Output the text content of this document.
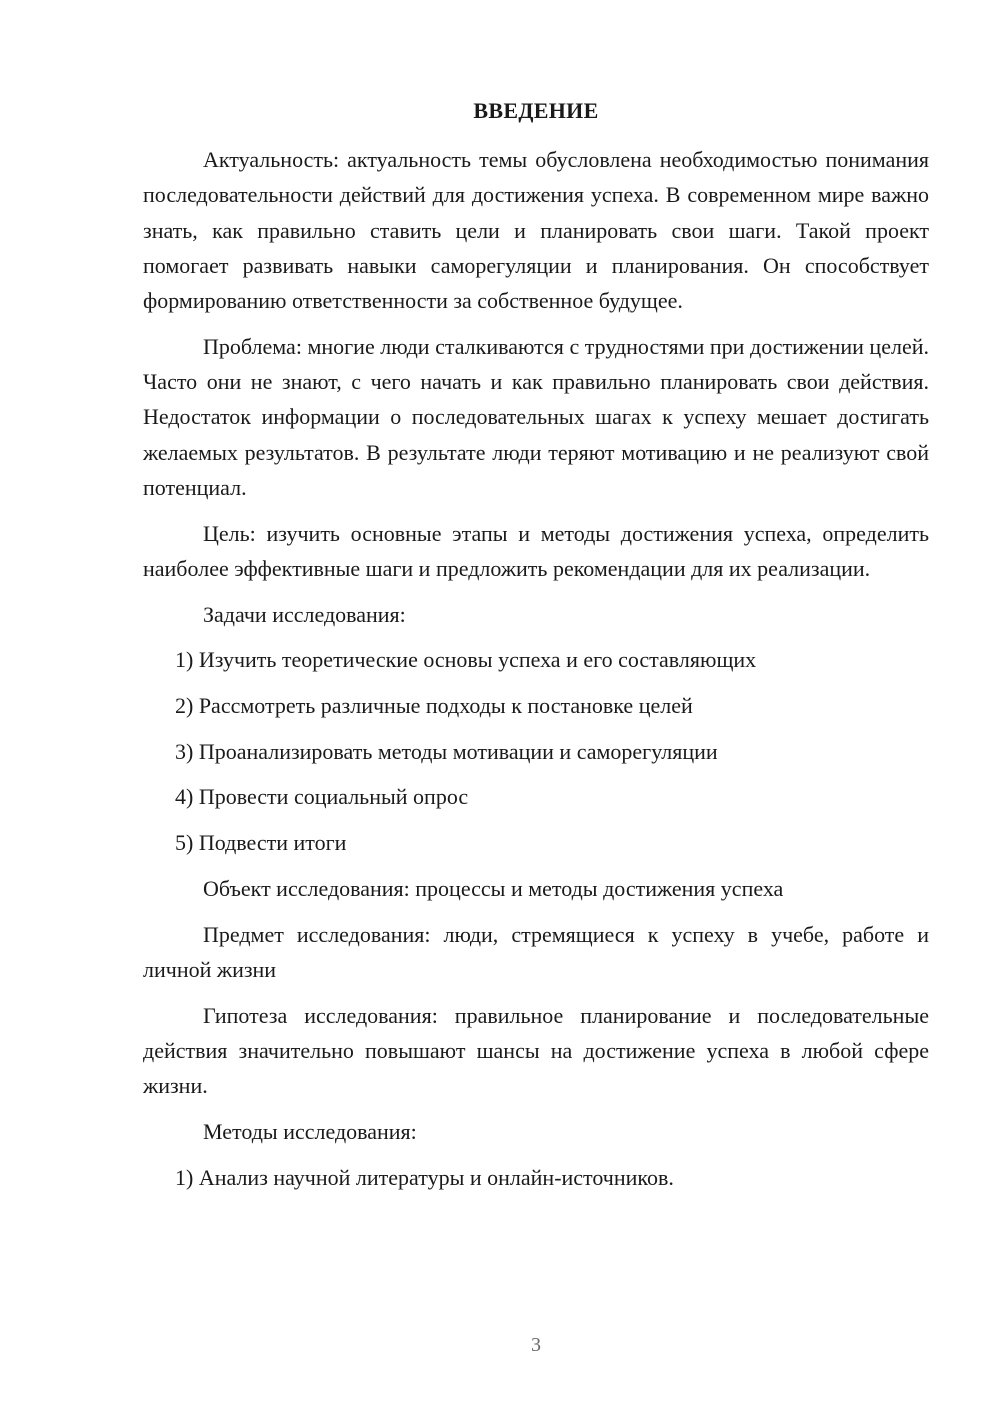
ВВЕДЕНИЕ

Актуальность: актуальность темы обусловлена необходимостью понимания последовательности действий для достижения успеха. В современном мире важно знать, как правильно ставить цели и планировать свои шаги. Такой проект помогает развивать навыки саморегуляции и планирования. Он способствует формированию ответственности за собственное будущее.

Проблема: многие люди сталкиваются с трудностями при достижении целей. Часто они не знают, с чего начать и как правильно планировать свои действия. Недостаток информации о последовательных шагах к успеху мешает достигать желаемых результатов. В результате люди теряют мотивацию и не реализуют свой потенциал.

Цель: изучить основные этапы и методы достижения успеха, определить наиболее эффективные шаги и предложить рекомендации для их реализации.

Задачи исследования:

1) Изучить теоретические основы успеха и его составляющих
2) Рассмотреть различные подходы к постановке целей
3) Проанализировать методы мотивации и саморегуляции
4) Провести социальный опрос
5) Подвести итоги

Объект исследования: процессы и методы достижения успеха

Предмет исследования: люди, стремящиеся к успеху в учебе, работе и личной жизни

Гипотеза исследования: правильное планирование и последовательные действия значительно повышают шансы на достижение успеха в любой сфере жизни.

Методы исследования:

1) Анализ научной литературы и онлайн-источников.
3
